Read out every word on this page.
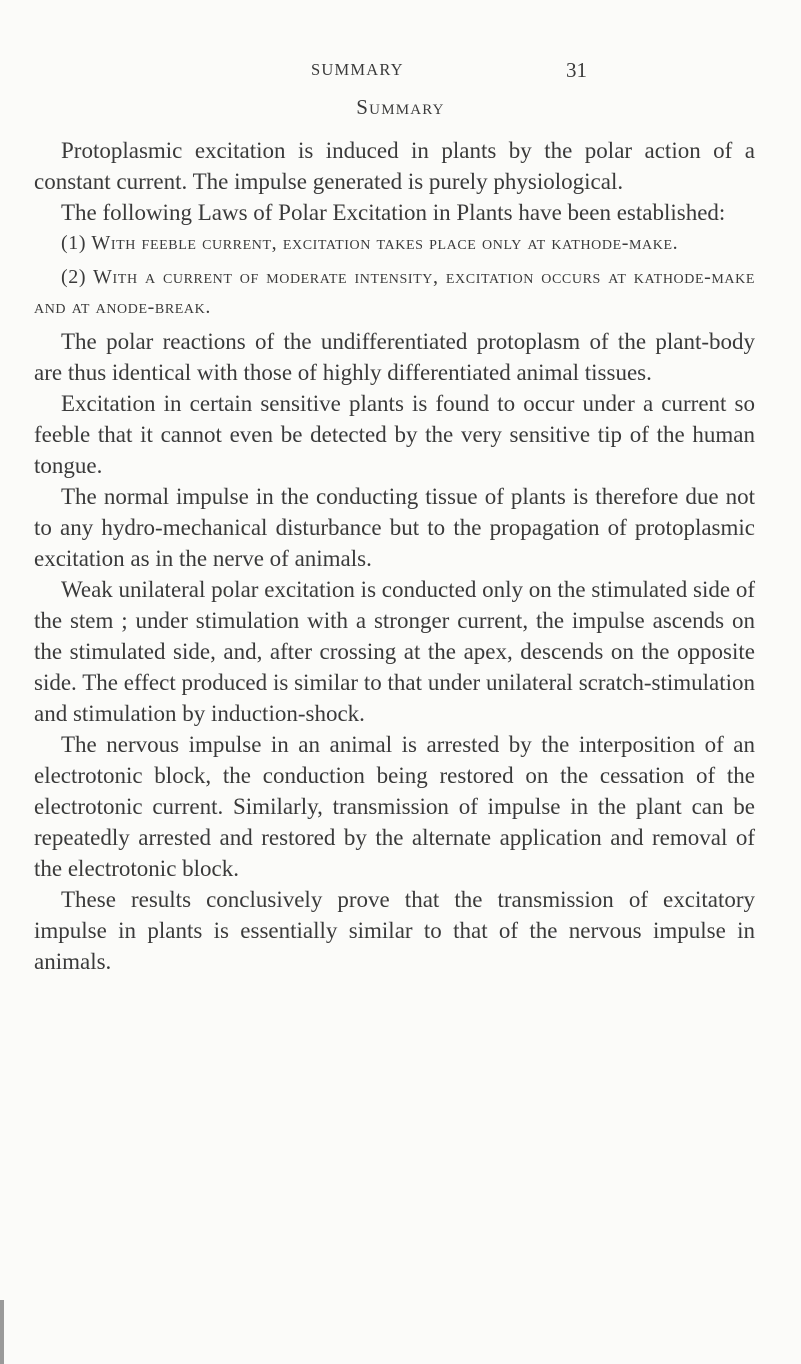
SUMMARY	31
Summary

Protoplasmic excitation is induced in plants by the polar action of a constant current. The impulse generated is purely physiological.

The following Laws of Polar Excitation in Plants have been established:

(1) With feeble current, excitation takes place only at kathode-make.

(2) With a current of moderate intensity, excitation occurs at kathode-make and at anode-break.

The polar reactions of the undifferentiated protoplasm of the plant-body are thus identical with those of highly differentiated animal tissues.

Excitation in certain sensitive plants is found to occur under a current so feeble that it cannot even be detected by the very sensitive tip of the human tongue.

The normal impulse in the conducting tissue of plants is therefore due not to any hydro-mechanical disturbance but to the propagation of protoplasmic excitation as in the nerve of animals.

Weak unilateral polar excitation is conducted only on the stimulated side of the stem ; under stimulation with a stronger current, the impulse ascends on the stimulated side, and, after crossing at the apex, descends on the opposite side. The effect produced is similar to that under unilateral scratch-stimulation and stimulation by induction-shock.

The nervous impulse in an animal is arrested by the interposition of an electrotonic block, the conduction being restored on the cessation of the electrotonic current. Similarly, transmission of impulse in the plant can be repeatedly arrested and restored by the alternate application and removal of the electrotonic block.

These results conclusively prove that the transmission of excitatory impulse in plants is essentially similar to that of the nervous impulse in animals.
